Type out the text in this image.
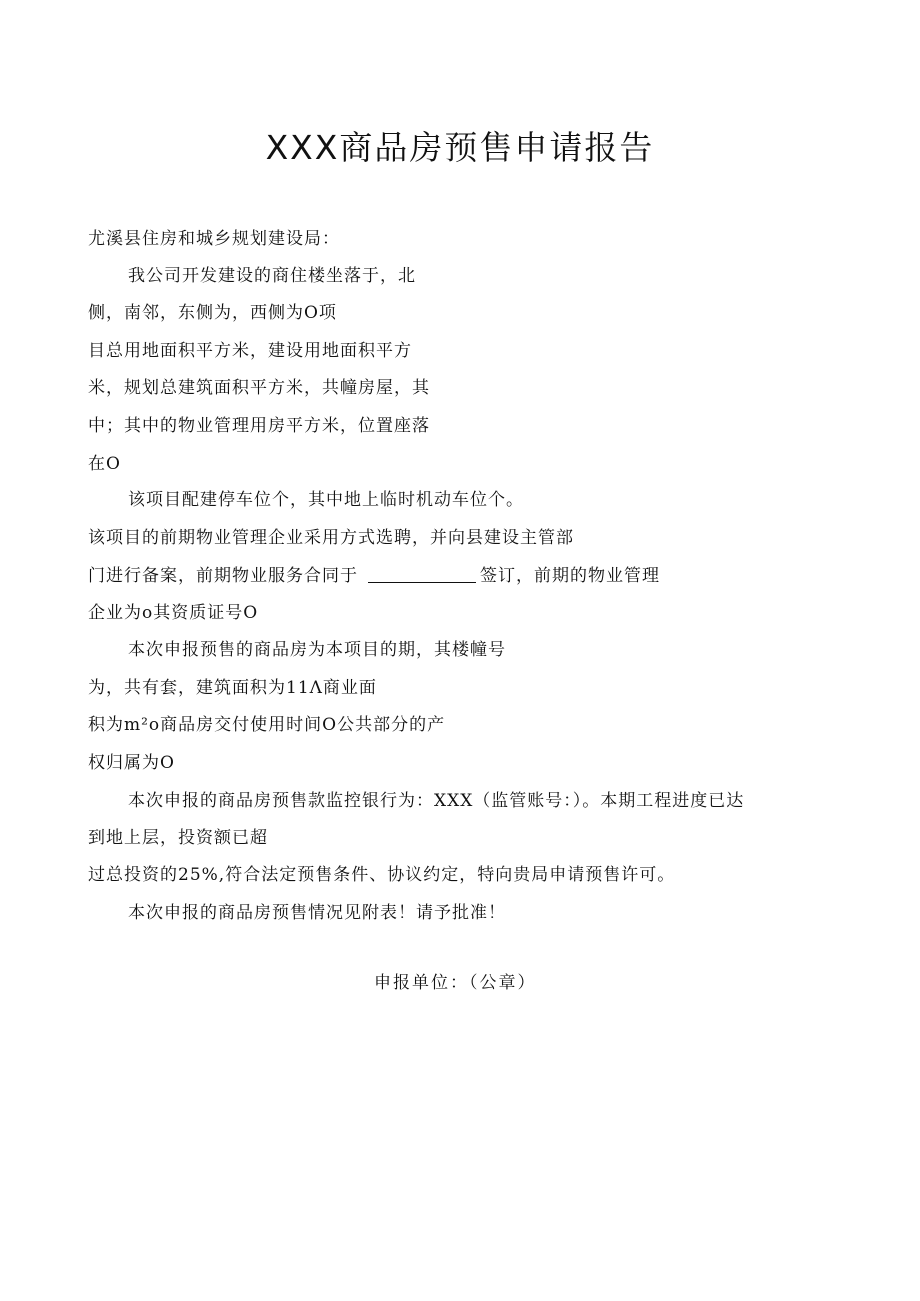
XXX商品房预售申请报告
尤溪县住房和城乡规划建设局：
我公司开发建设的商住楼坐落于，北
侧，南邻，东侧为，西侧为O项
目总用地面积平方米，建设用地面积平方
米，规划总建筑面积平方米，共幢房屋，其
中；其中的物业管理用房平方米，位置座落
在O
该项目配建停车位个，其中地上临时机动车位个。
该项目的前期物业管理企业采用方式选聘，并向县建设主管部
门进行备案，前期物业服务合同于	签订，前期的物业管理
企业为o其资质证号O
本次申报预售的商品房为本项目的期，其楼幢号
为，共有套，建筑面积为11Λ商业面
积为m²o商品房交付使用时间O公共部分的产
权归属为O
本次申报的商品房预售款监控银行为：XXX（监管账号：）。本期工程进度已达
到地上层，投资额已超
过总投资的25%,符合法定预售条件、协议约定，特向贵局申请预售许可。
本次申报的商品房预售情况见附表！请予批准！
申报单位：（公章）
